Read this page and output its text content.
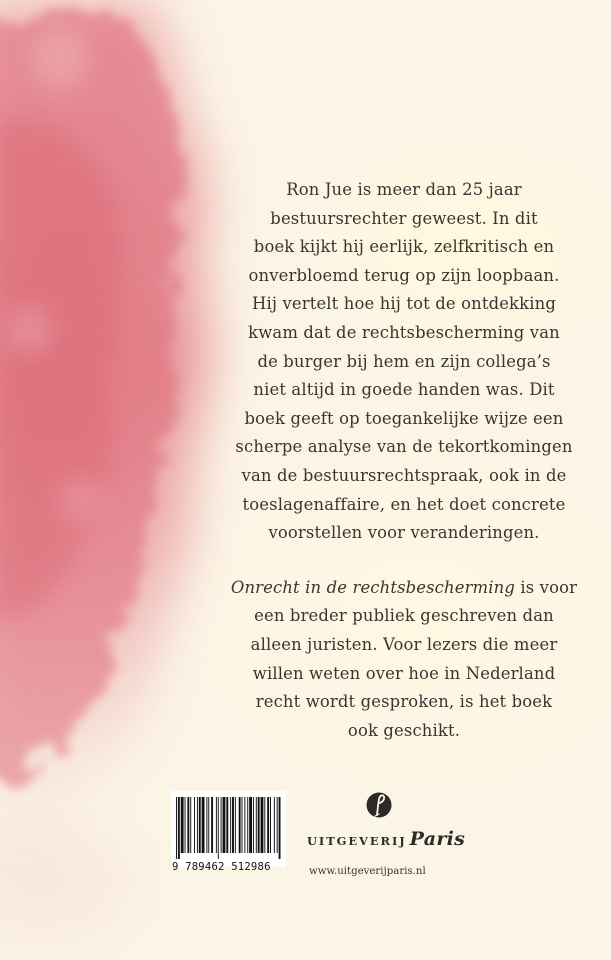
Ron Jue is meer dan 25 jaar
bestuursrechter geweest. In dit
boek kijkt hij eerlijk, zelfkritisch en
onverbloemd terug op zijn loopbaan.
Hij vertelt hoe hij tot de ontdekking
kwam dat de rechtsbescherming van
de burger bij hem en zijn collega’s
niet altijd in goede handen was. Dit
boek geeft op toegankelijke wijze een
scherpe analyse van de tekortkomingen
van de bestuursrechtspraak, ook in de
toeslagenaffaire, en het doet concrete
voorstellen voor veranderingen.

Onrecht in de rechtsbescherming is voor
een breder publiek geschreven dan
alleen juristen. Voor lezers die meer
willen weten over hoe in Nederland
recht wordt gesproken, is het boek
ook geschikt.

9 789462 512986
UITGEVERIJ Paris
www.uitgeverijparis.nl
